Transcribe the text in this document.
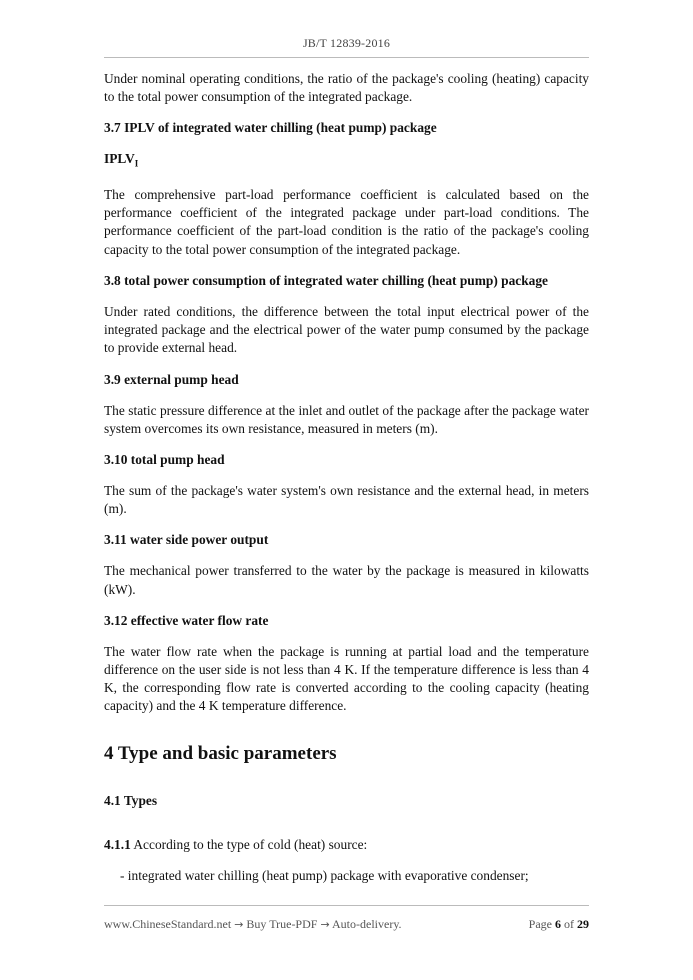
JB/T 12839-2016

Under nominal operating conditions, the ratio of the package's cooling (heating) capacity to the total power consumption of the integrated package.

3.7 IPLV of integrated water chilling (heat pump) package
$IPLV_I$

The comprehensive part-load performance coefficient is calculated based on the performance coefficient of the integrated package under part-load conditions. The performance coefficient of the part-load condition is the ratio of the package's cooling capacity to the total power consumption of the integrated package.

3.8 total power consumption of integrated water chilling (heat pump) package

Under rated conditions, the difference between the total input electrical power of the integrated package and the electrical power of the water pump consumed by the package to provide external head.

3.9 external pump head

The static pressure difference at the inlet and outlet of the package after the package water system overcomes its own resistance, measured in meters (m).

3.10 total pump head

The sum of the package's water system's own resistance and the external head, in meters (m).

3.11 water side power output

The mechanical power transferred to the water by the package is measured in kilowatts (kW).

3.12 effective water flow rate

The water flow rate when the package is running at partial load and the temperature difference on the user side is not less than 4 K. If the temperature difference is less than 4 K, the corresponding flow rate is converted according to the cooling capacity (heating capacity) and the 4 K temperature difference.

4 Type and basic parameters
4.1 Types

4.1.1 According to the type of cold (heat) source:

- integrated water chilling (heat pump) package with evaporative condenser;

www.ChineseStandard.net → Buy True-PDF → Auto-delivery.	Page 6 of 29
